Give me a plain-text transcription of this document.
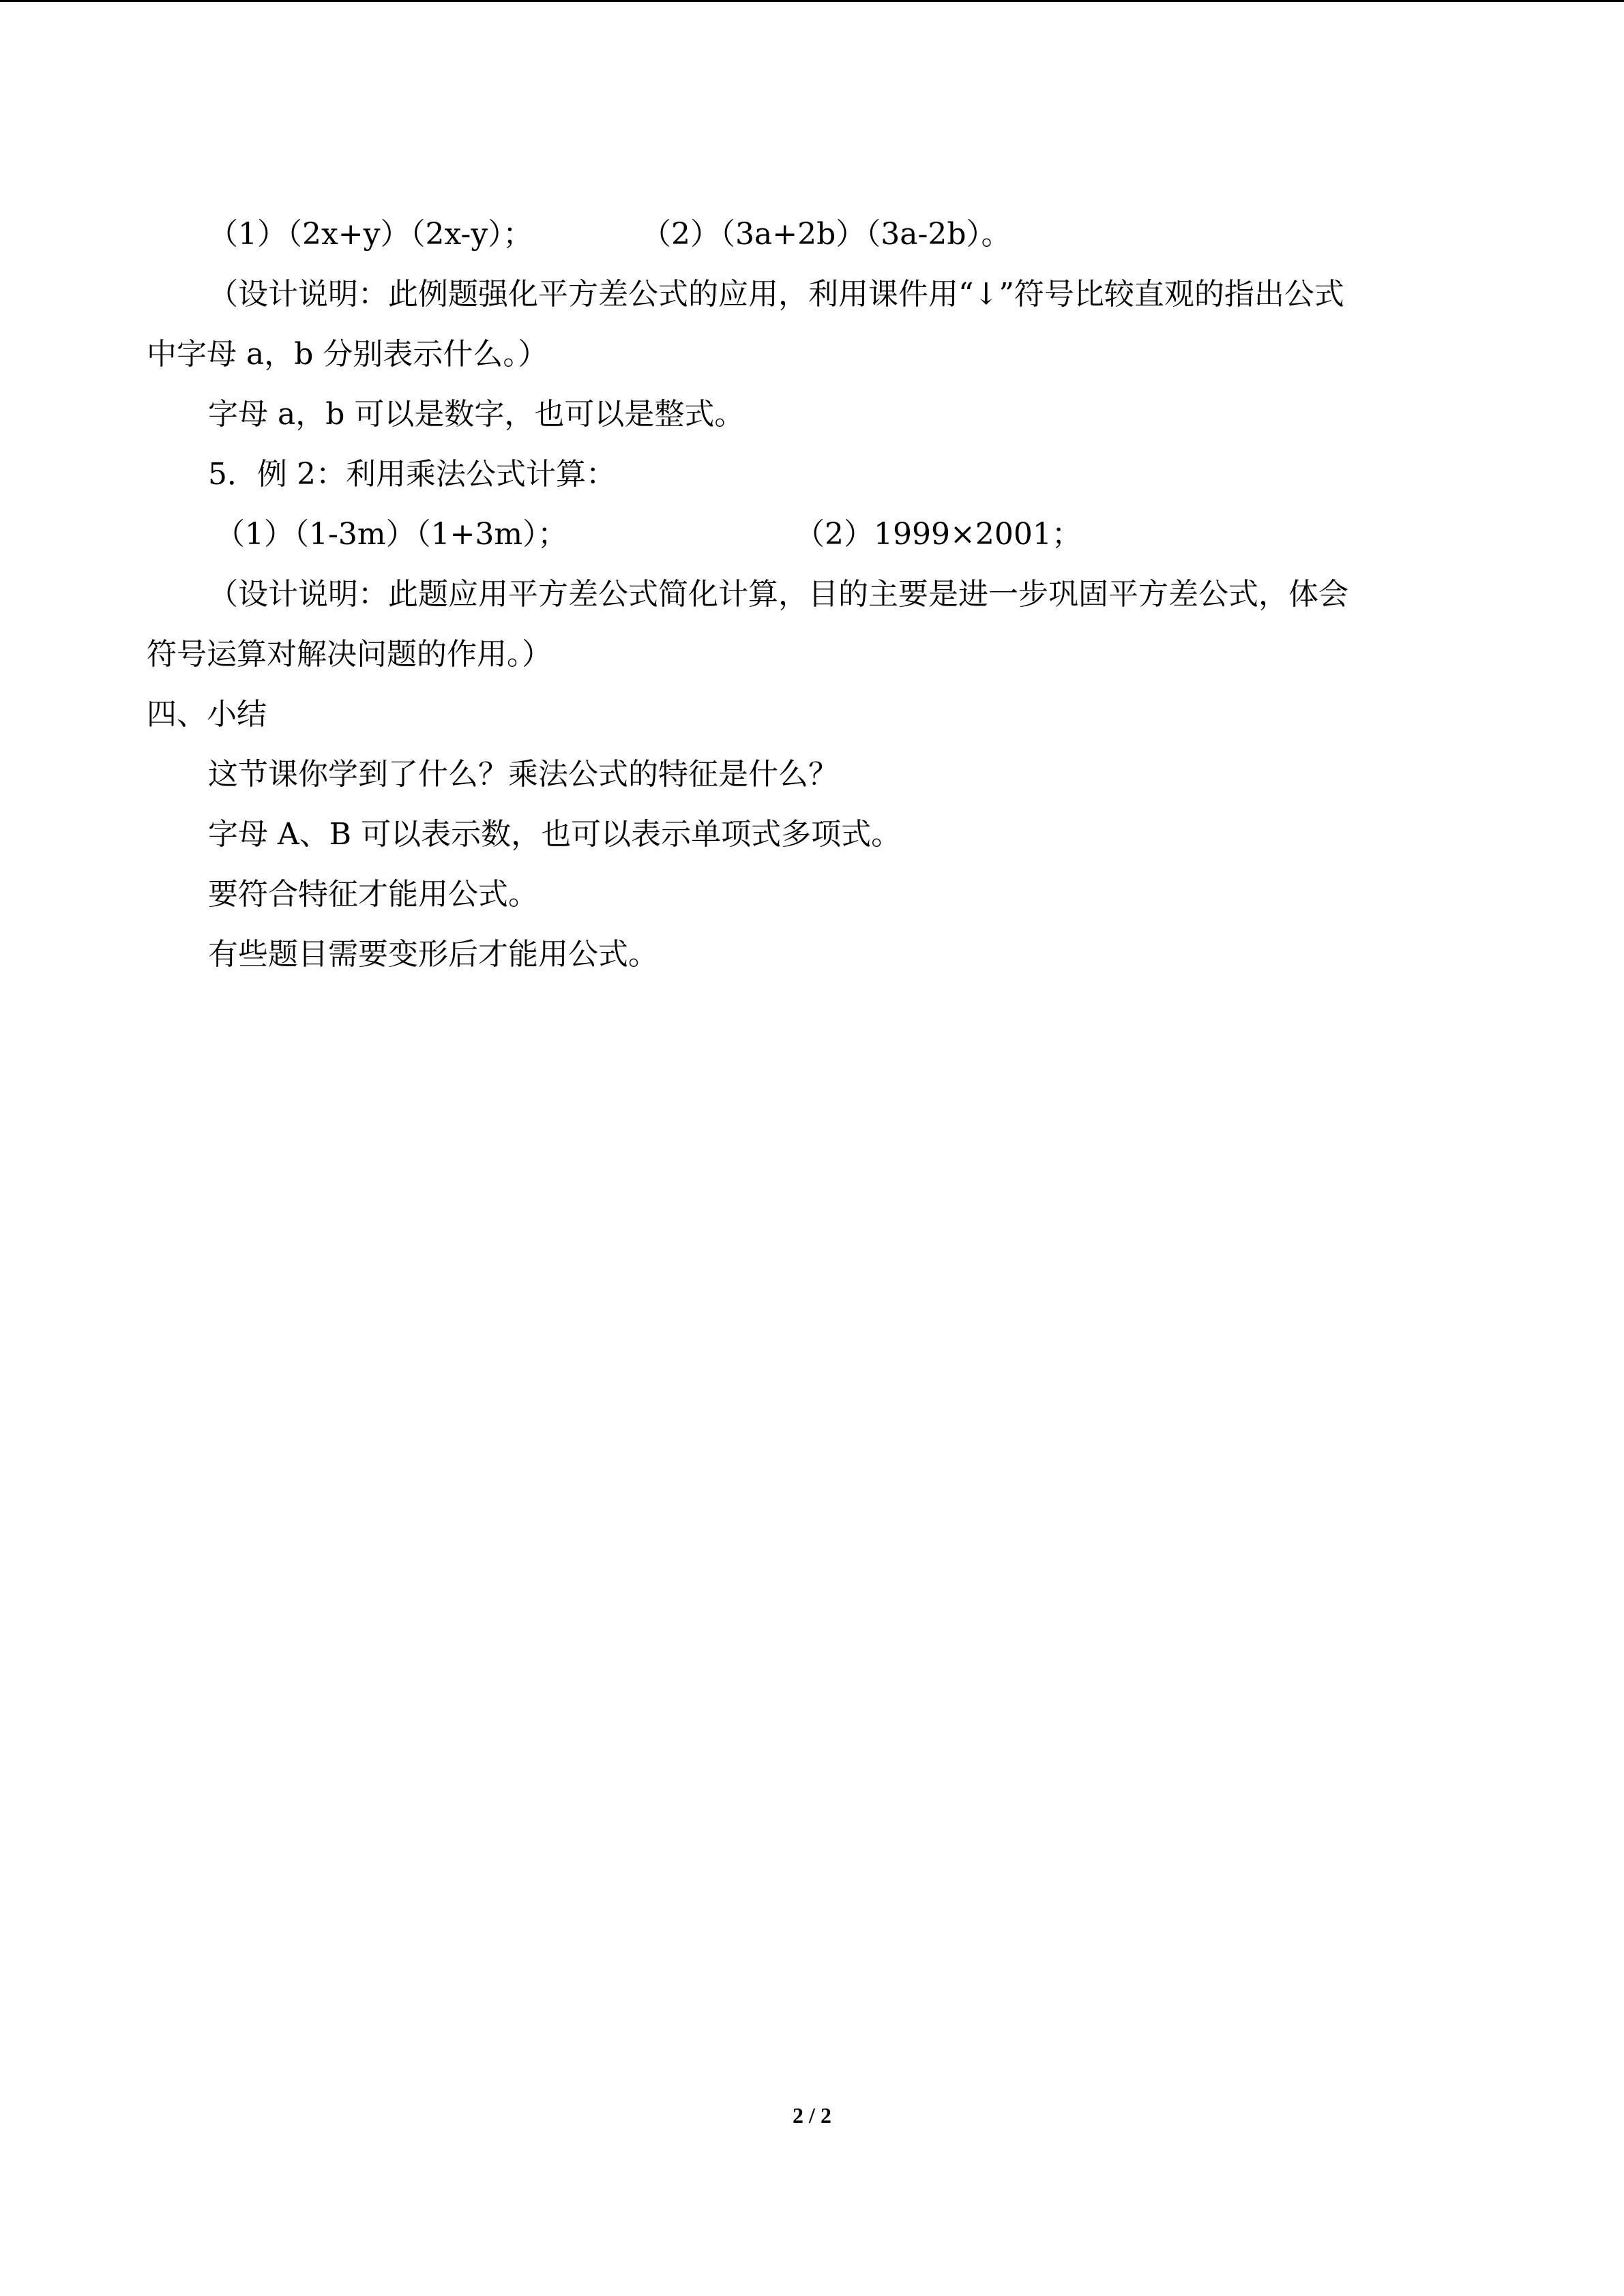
（1）（2x+y）（2x-y）；	（2）（3a+2b）（3a-2b）。
（设计说明：此例题强化平方差公式的应用，利用课件用“↓”符号比较直观的指出公式
中字母 a，b 分别表示什么。）
字母 a，b 可以是数字，也可以是整式。
5．例 2：利用乘法公式计算：
（1）（1-3m）（1+3m）；	（2）1999×2001；
（设计说明：此题应用平方差公式简化计算，目的主要是进一步巩固平方差公式，体会
符号运算对解决问题的作用。）
四、小结
这节课你学到了什么？乘法公式的特征是什么？
字母 A、B 可以表示数，也可以表示单项式多项式。
要符合特征才能用公式。
有些题目需要变形后才能用公式。
2 / 2
